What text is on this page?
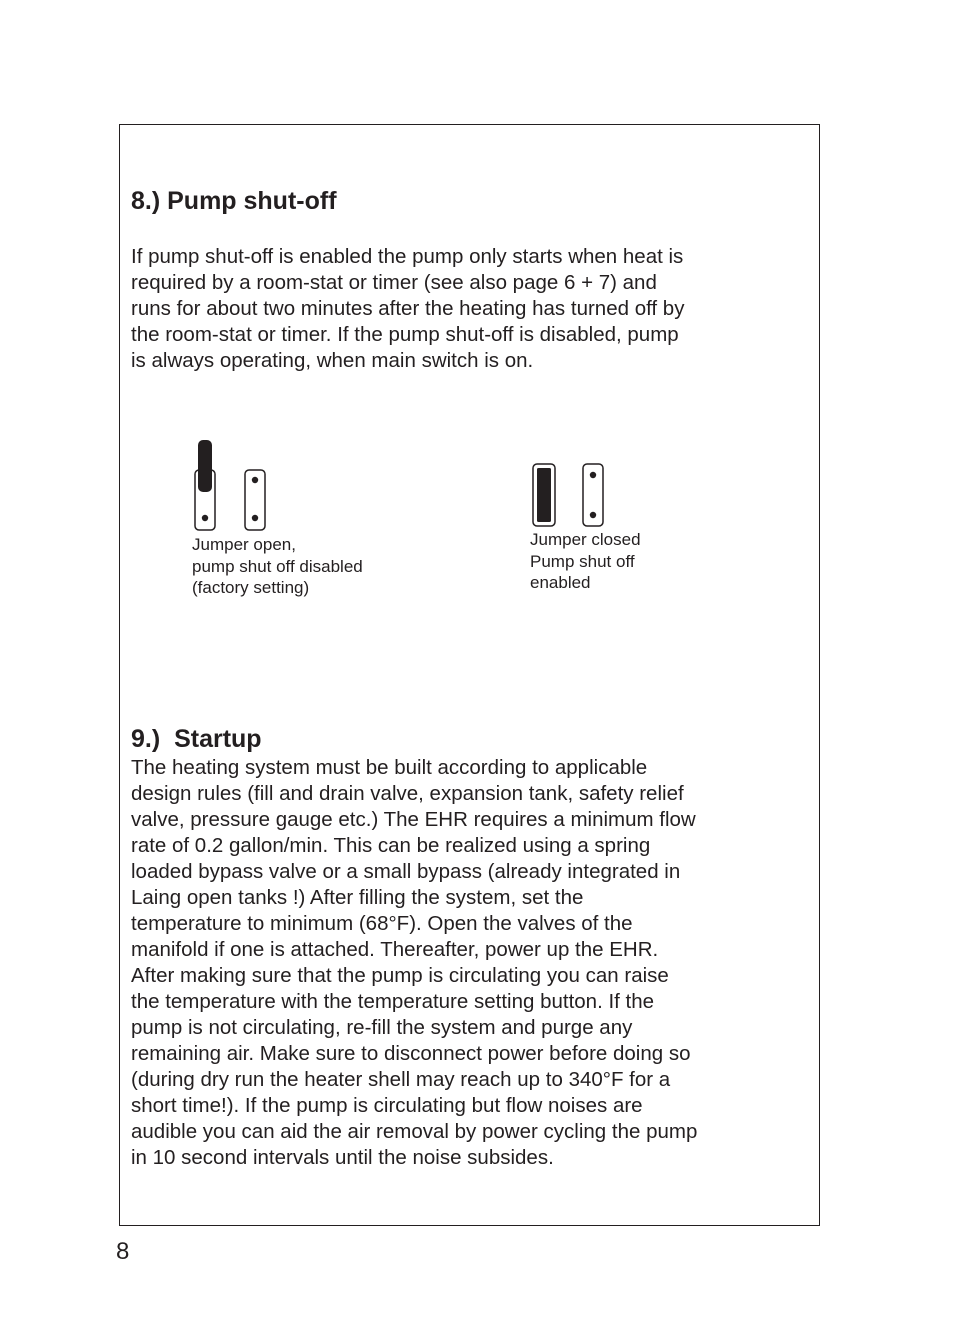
8.) Pump shut-off
If pump shut-off is enabled the pump only starts when heat is
required by a room-stat or timer (see also page 6 + 7) and
runs for about two minutes after the heating has turned off by
the room-stat or timer. If the pump shut-off is disabled, pump
is always operating, when main switch is on.
Jumper open,
pump shut off disabled
(factory setting)
Jumper closed
Pump shut off
enabled
9.)  Startup
The heating system must be built according to applicable
design rules (fill and drain valve, expansion tank, safety relief
valve, pressure gauge etc.) The EHR requires a minimum flow
rate of 0.2 gallon/min. This can be realized using a spring
loaded bypass valve or a small bypass (already integrated in
Laing open tanks !) After filling the system, set the
temperature to minimum (68°F). Open the valves of the
manifold if one is attached. Thereafter, power up the EHR.
After making sure that the pump is circulating you can raise
the temperature with the temperature setting button. If the
pump is not circulating, re-fill the system and purge any
remaining air. Make sure to disconnect power before doing so
(during dry run the heater shell may reach up to 340°F for a
short time!). If the pump is circulating but flow noises are
audible you can aid the air removal by power cycling the pump
in 10 second intervals until the noise subsides.
8
